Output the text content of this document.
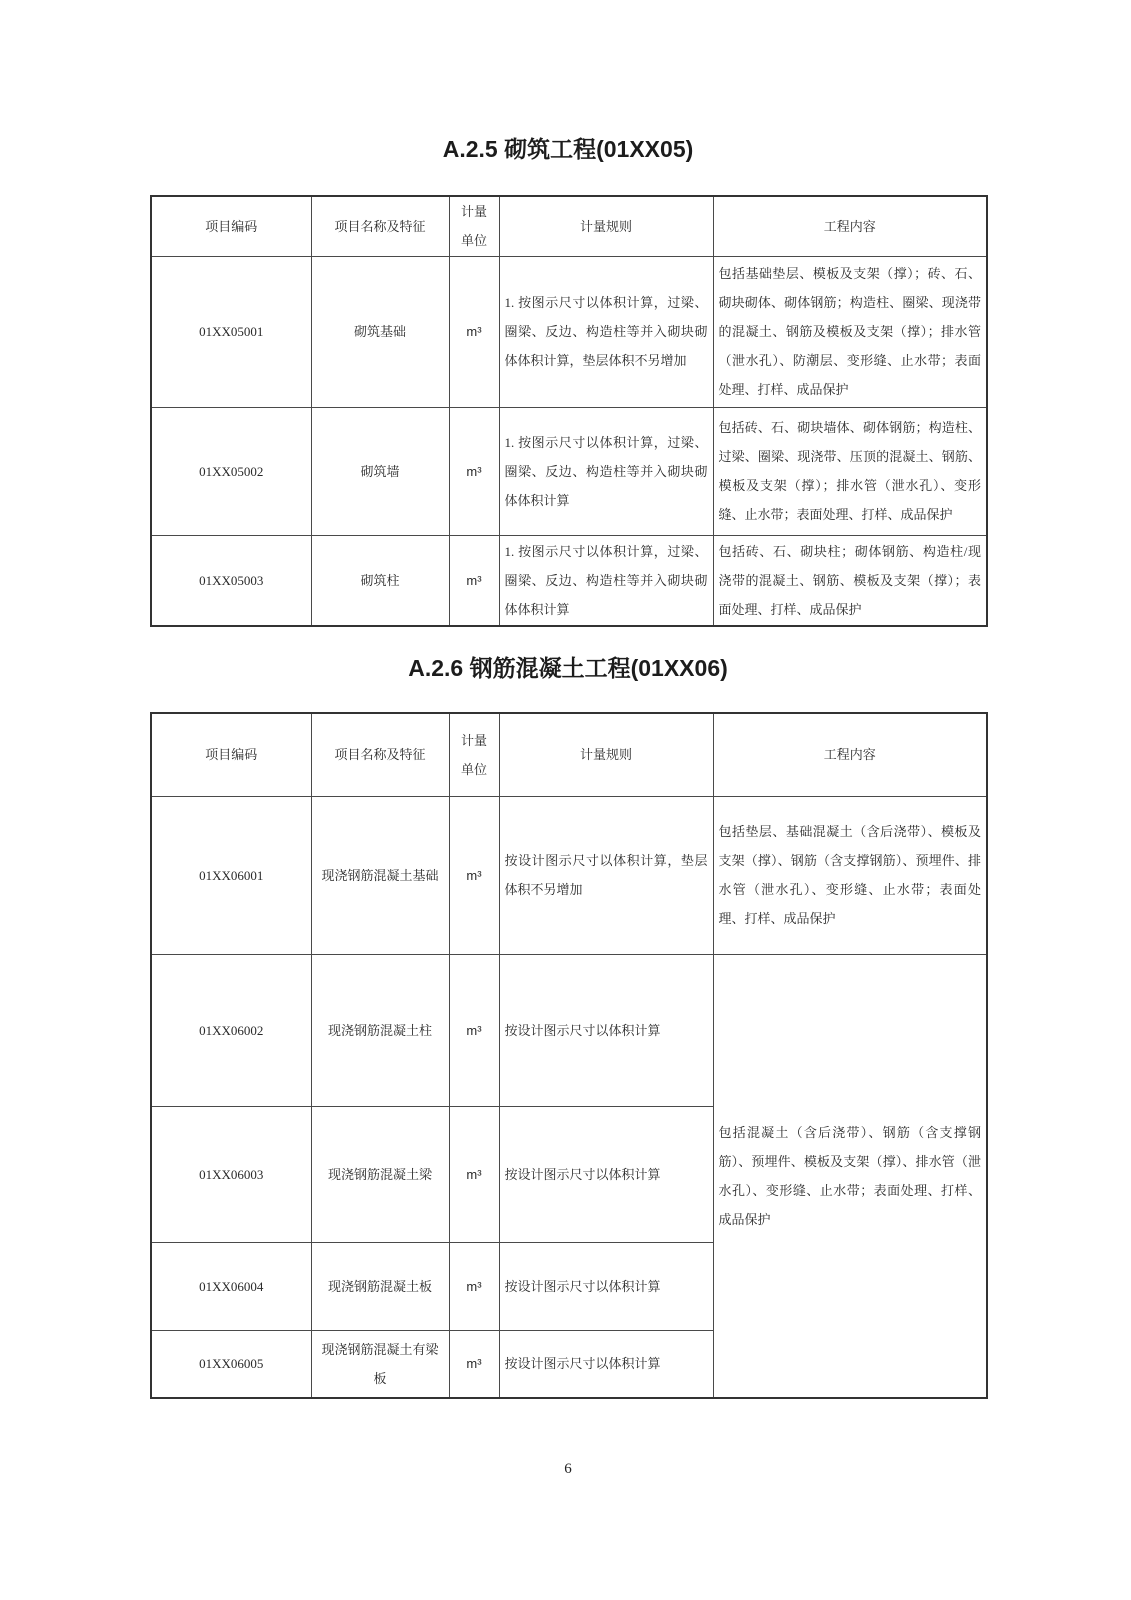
A.2.5 砌筑工程(01XX05)
项目编码	项目名称及特征	计量单位	计量规则	工程内容
01XX05001	砌筑基础	m³	1. 按图示尺寸以体积计算，过梁、圈梁、反边、构造柱等并入砌块砌体体积计算，垫层体积不另增加	包括基础垫层、模板及支架（撑）；砖、石、砌块砌体、砌体钢筋；构造柱、圈梁、现浇带的混凝土、钢筋及模板及支架（撑）；排水管（泄水孔）、防潮层、变形缝、止水带；表面处理、打样、成品保护
01XX05002	砌筑墙	m³	1. 按图示尺寸以体积计算，过梁、圈梁、反边、构造柱等并入砌块砌体体积计算	包括砖、石、砌块墙体、砌体钢筋；构造柱、过梁、圈梁、现浇带、压顶的混凝土、钢筋、模板及支架（撑）；排水管（泄水孔）、变形缝、止水带；表面处理、打样、成品保护
01XX05003	砌筑柱	m³	1. 按图示尺寸以体积计算，过梁、圈梁、反边、构造柱等并入砌块砌体体积计算	包括砖、石、砌块柱；砌体钢筋、构造柱/现浇带的混凝土、钢筋、模板及支架（撑）；表面处理、打样、成品保护
A.2.6 钢筋混凝土工程(01XX06)
项目编码	项目名称及特征	计量单位	计量规则	工程内容
01XX06001	现浇钢筋混凝土基础	m³	按设计图示尺寸以体积计算，垫层体积不另增加	包括垫层、基础混凝土（含后浇带）、模板及支架（撑）、钢筋（含支撑钢筋）、预埋件、排水管（泄水孔）、变形缝、止水带；表面处理、打样、成品保护
01XX06002	现浇钢筋混凝土柱	m³	按设计图示尺寸以体积计算	包括混凝土（含后浇带）、钢筋（含支撑钢筋）、预埋件、模板及支架（撑）、排水管（泄水孔）、变形缝、止水带；表面处理、打样、成品保护
01XX06003	现浇钢筋混凝土梁	m³	按设计图示尺寸以体积计算	
01XX06004	现浇钢筋混凝土板	m³	按设计图示尺寸以体积计算	
01XX06005	现浇钢筋混凝土有梁板	m³	按设计图示尺寸以体积计算	
6
